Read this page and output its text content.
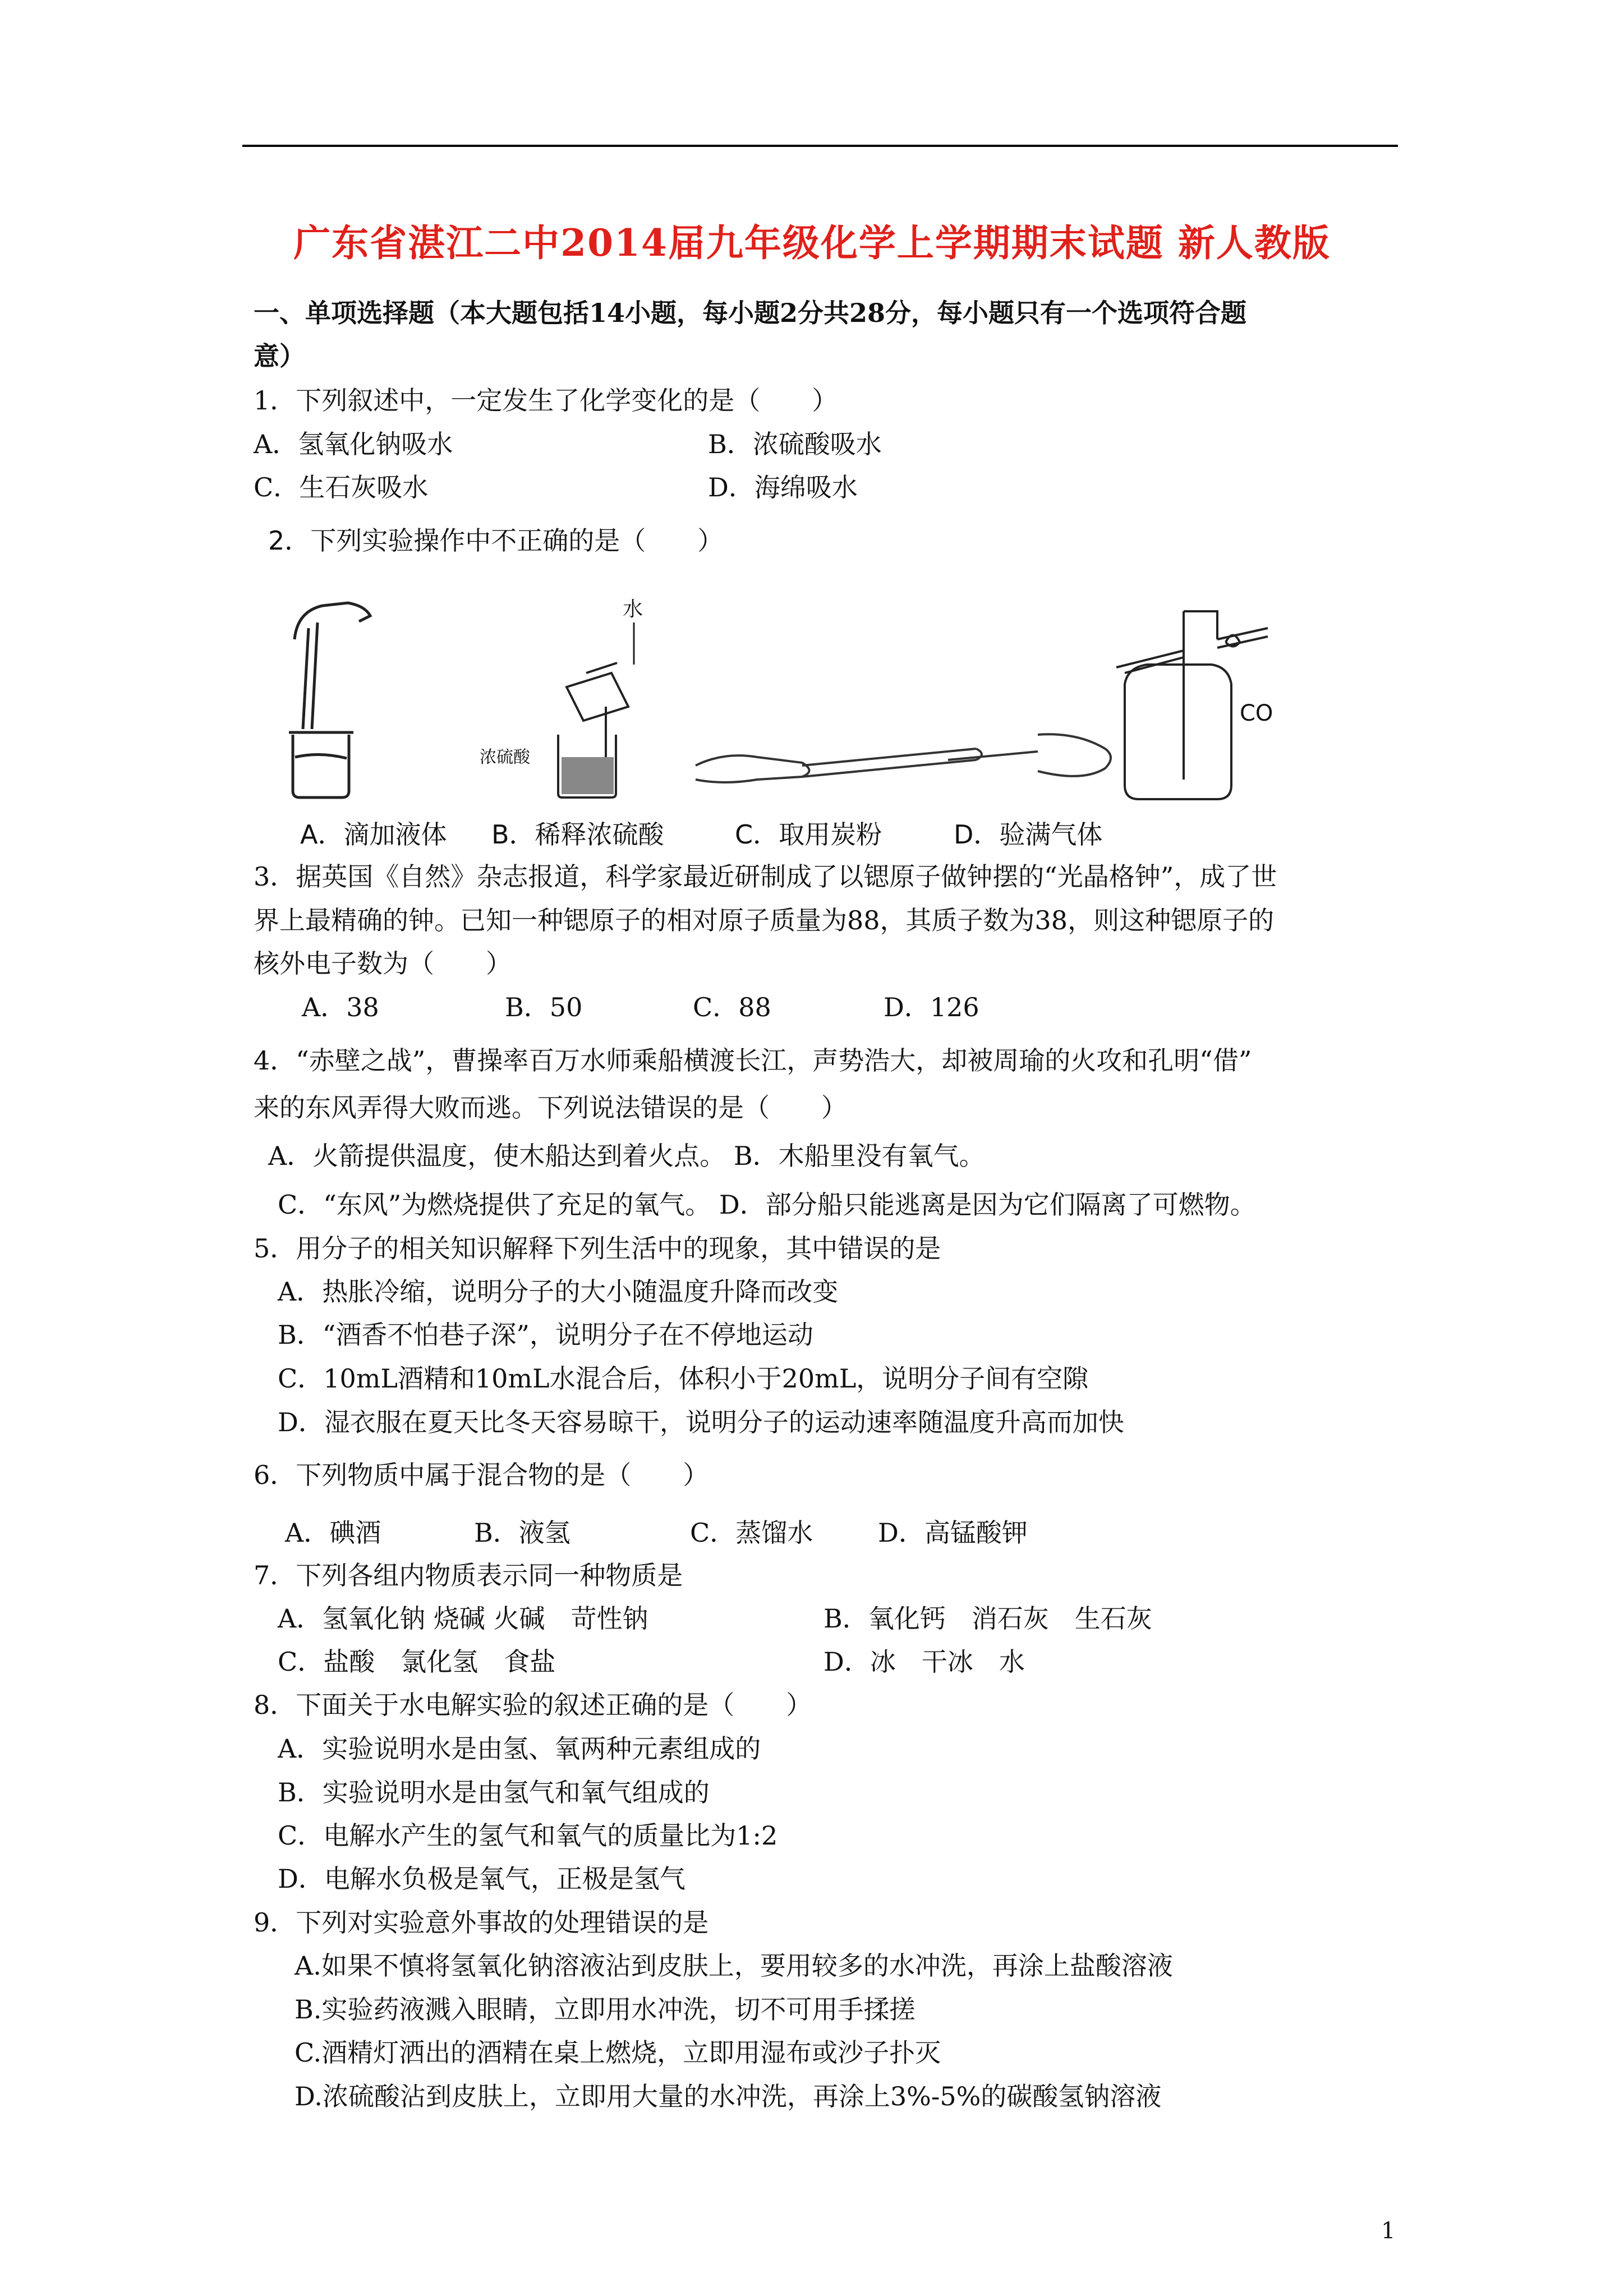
广东省湛江二中2014届九年级化学上学期期末试题 新人教版
一、单项选择题（本大题包括14小题，每小题2分共28分，每小题只有一个选项符合题
意）
1．下列叙述中，一定发生了化学变化的是（　　）
A．氢氧化钠吸水	B．浓硫酸吸水
C．生石灰吸水	D．海绵吸水
2．下列实验操作中不正确的是（　　）
水
浓硫酸
CO
A．滴加液体 B．稀释浓硫酸	C．取用炭粉	D．验满气体
3．据英国《自然》杂志报道，科学家最近研制成了以锶原子做钟摆的“光晶格钟”，成了世
界上最精确的钟。已知一种锶原子的相对原子质量为88，其质子数为38，则这种锶原子的
核外电子数为（　　）
A．38	B．50	C．88	D．126
4．“赤壁之战”，曹操率百万水师乘船横渡长江，声势浩大，却被周瑜的火攻和孔明“借”
来的东风弄得大败而逃。下列说法错误的是（　　）
A．火箭提供温度，使木船达到着火点。 B．木船里没有氧气。
C．“东风”为燃烧提供了充足的氧气。 D．部分船只能逃离是因为它们隔离了可燃物。
5．用分子的相关知识解释下列生活中的现象，其中错误的是
A．热胀冷缩，说明分子的大小随温度升降而改变
B．“酒香不怕巷子深”，说明分子在不停地运动
C．10mL酒精和10mL水混合后，体积小于20mL，说明分子间有空隙
D．湿衣服在夏天比冬天容易晾干，说明分子的运动速率随温度升高而加快
6．下列物质中属于混合物的是（　　）
A．碘酒	B．液氢	C．蒸馏水	D．高锰酸钾
7．下列各组内物质表示同一种物质是
A．氢氧化钠 烧碱 火碱　苛性钠	B．氧化钙　消石灰　生石灰
C．盐酸　氯化氢　食盐	D．冰　干冰　水
8．下面关于水电解实验的叙述正确的是（　　）
A．实验说明水是由氢、氧两种元素组成的
B．实验说明水是由氢气和氧气组成的
C．电解水产生的氢气和氧气的质量比为1:2
D．电解水负极是氧气，正极是氢气
9．下列对实验意外事故的处理错误的是
A.如果不慎将氢氧化钠溶液沾到皮肤上，要用较多的水冲洗，再涂上盐酸溶液
B.实验药液溅入眼睛，立即用水冲洗，切不可用手揉搓
C.酒精灯洒出的酒精在桌上燃烧，立即用湿布或沙子扑灭
D.浓硫酸沾到皮肤上，立即用大量的水冲洗，再涂上3%-5%的碳酸氢钠溶液
1
